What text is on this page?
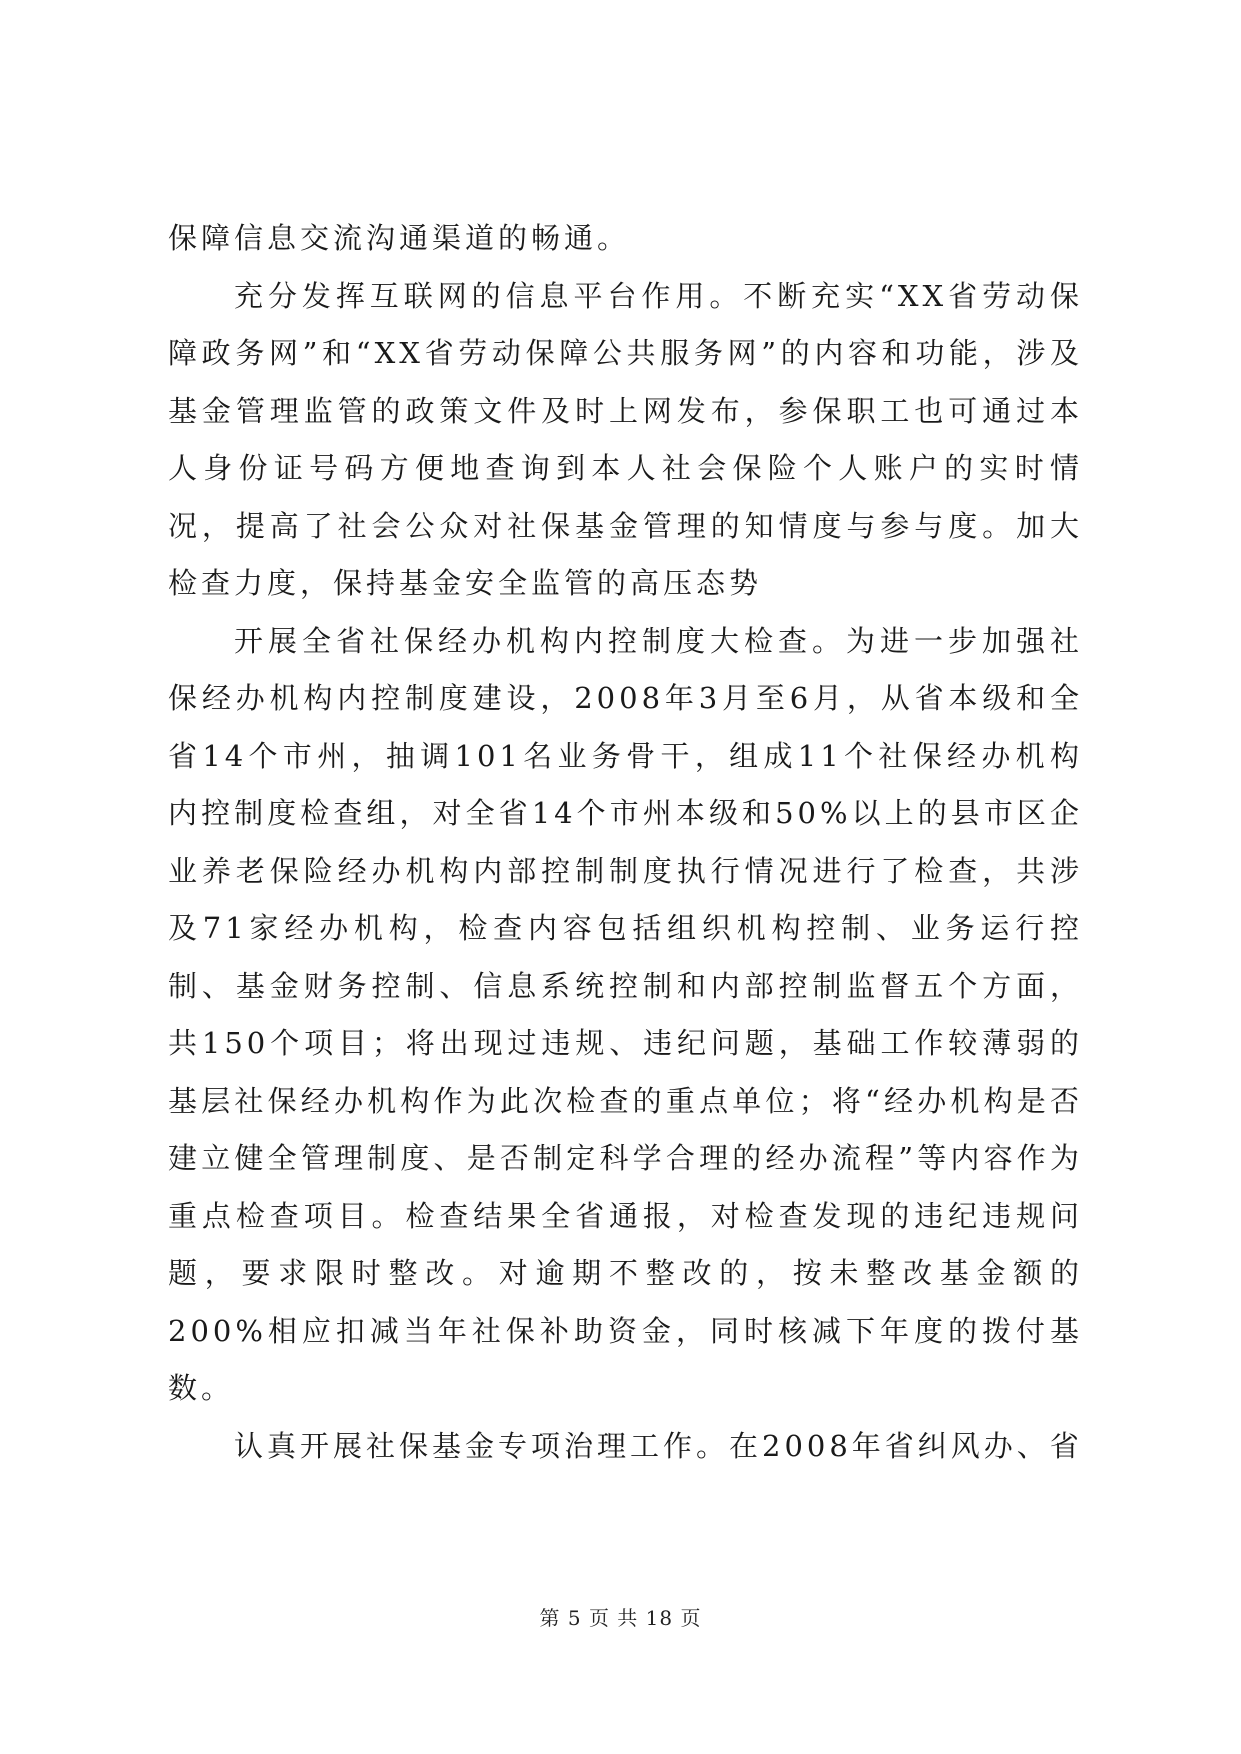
保障信息交流沟通渠道的畅通。

充分发挥互联网的信息平台作用。不断充实“XX省劳动保障政务网”和“XX省劳动保障公共服务网”的内容和功能，涉及基金管理监管的政策文件及时上网发布，参保职工也可通过本人身份证号码方便地查询到本人社会保险个人账户的实时情况，提高了社会公众对社保基金管理的知情度与参与度。加大检查力度，保持基金安全监管的高压态势

开展全省社保经办机构内控制度大检查。为进一步加强社保经办机构内控制度建设，2008年3月至6月，从省本级和全省14个市州，抽调101名业务骨干，组成11个社保经办机构内控制度检查组，对全省14个市州本级和50%以上的县市区企业养老保险经办机构内部控制制度执行情况进行了检查，共涉及71家经办机构，检查内容包括组织机构控制、业务运行控制、基金财务控制、信息系统控制和内部控制监督五个方面，共150个项目；将出现过违规、违纪问题，基础工作较薄弱的基层社保经办机构作为此次检查的重点单位；将“经办机构是否建立健全管理制度、是否制定科学合理的经办流程”等内容作为重点检查项目。检查结果全省通报，对检查发现的违纪违规问题，要求限时整改。对逾期不整改的，按未整改基金额的200%相应扣减当年社保补助资金，同时核减下年度的拨付基数。

认真开展社保基金专项治理工作。在2008年省纠风办、省

第 5 页 共 18 页
